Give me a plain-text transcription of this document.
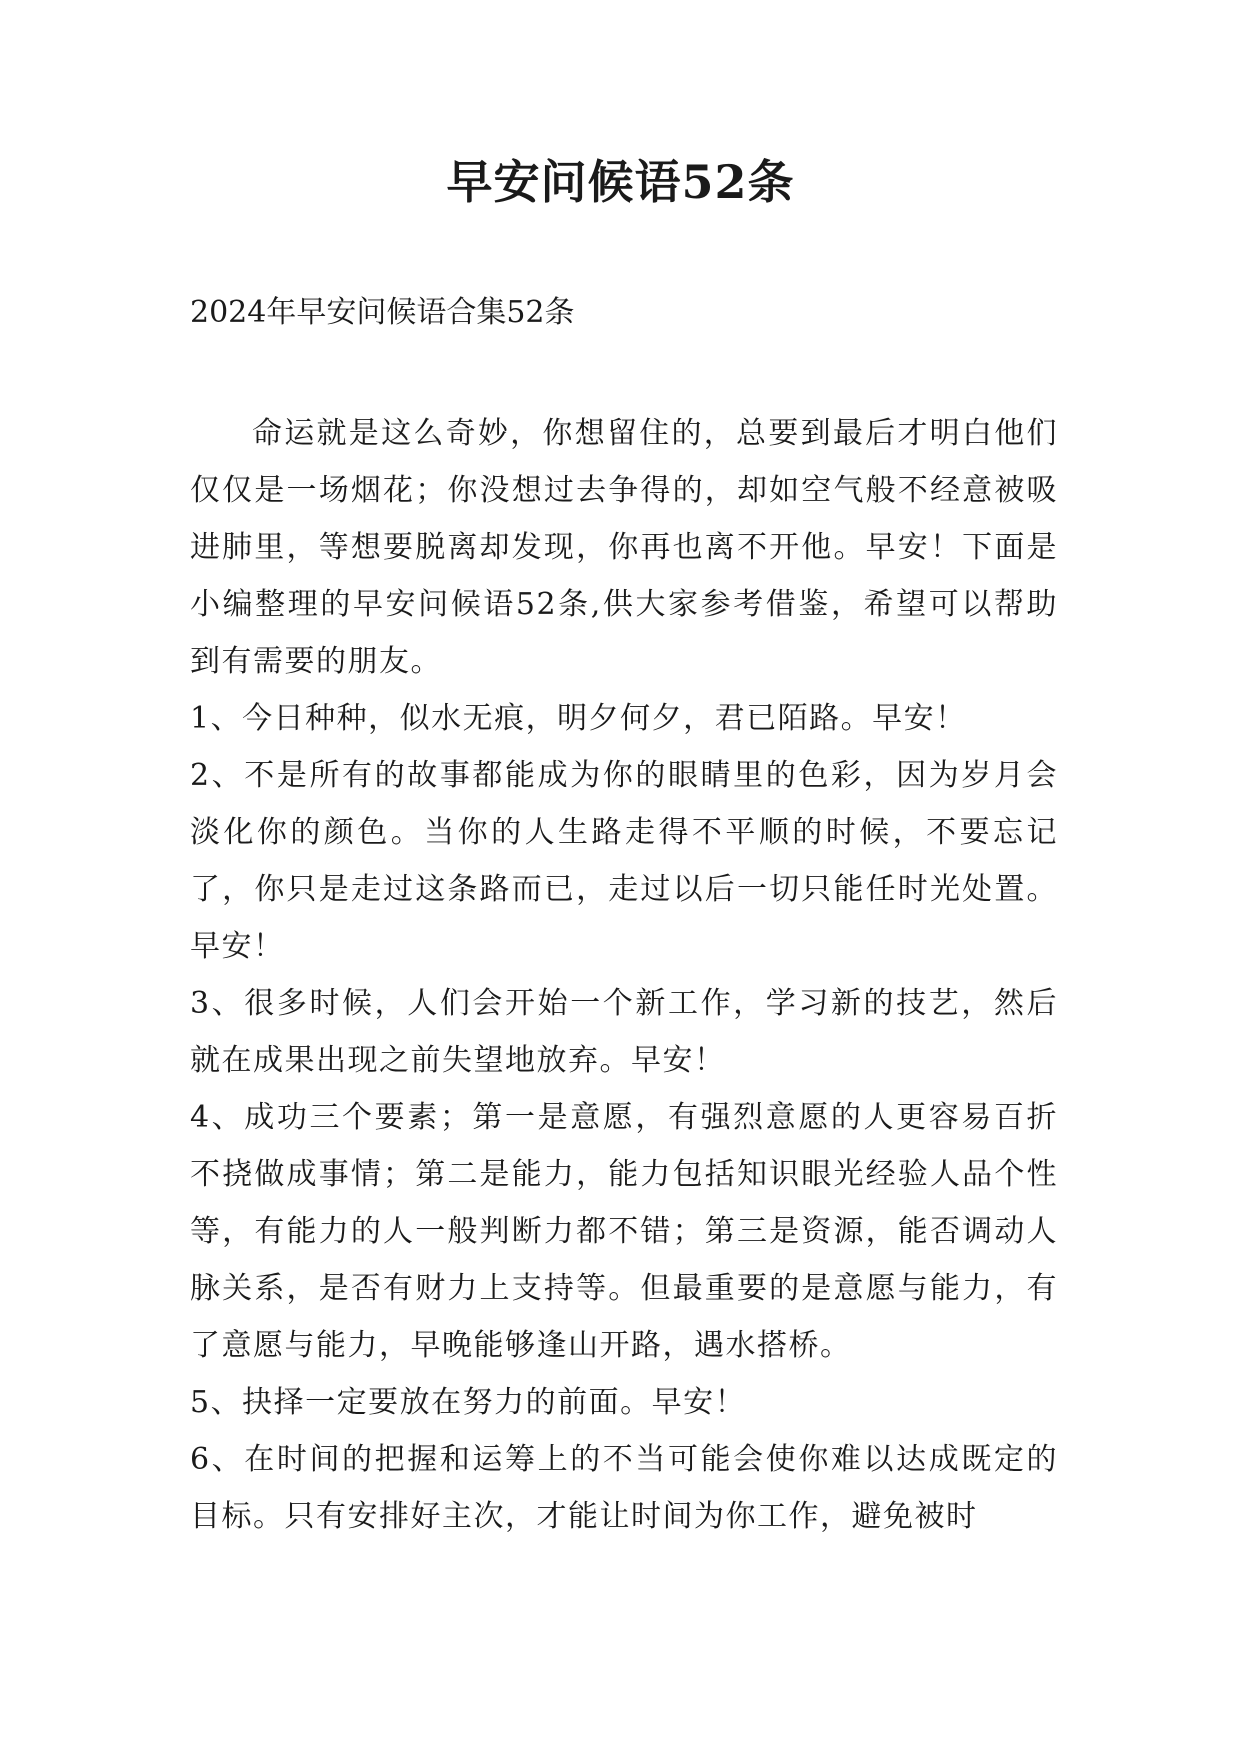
早安问候语52条
2024年早安问候语合集52条

命运就是这么奇妙，你想留住的，总要到最后才明白他们仅仅是一场烟花；你没想过去争得的，却如空气般不经意被吸进肺里，等想要脱离却发现，你再也离不开他。早安！下面是小编整理的早安问候语52条,供大家参考借鉴，希望可以帮助到有需要的朋友。

1、今日种种，似水无痕，明夕何夕，君已陌路。早安！

2、不是所有的故事都能成为你的眼睛里的色彩，因为岁月会淡化你的颜色。当你的人生路走得不平顺的时候，不要忘记了，你只是走过这条路而已，走过以后一切只能任时光处置。早安！

3、很多时候，人们会开始一个新工作，学习新的技艺，然后就在成果出现之前失望地放弃。早安！

4、成功三个要素；第一是意愿，有强烈意愿的人更容易百折不挠做成事情；第二是能力，能力包括知识眼光经验人品个性等，有能力的人一般判断力都不错；第三是资源，能否调动人脉关系，是否有财力上支持等。但最重要的是意愿与能力，有了意愿与能力，早晚能够逢山开路，遇水搭桥。

5、抉择一定要放在努力的前面。早安！

6、在时间的把握和运筹上的不当可能会使你难以达成既定的目标。只有安排好主次，才能让时间为你工作，避免被时
